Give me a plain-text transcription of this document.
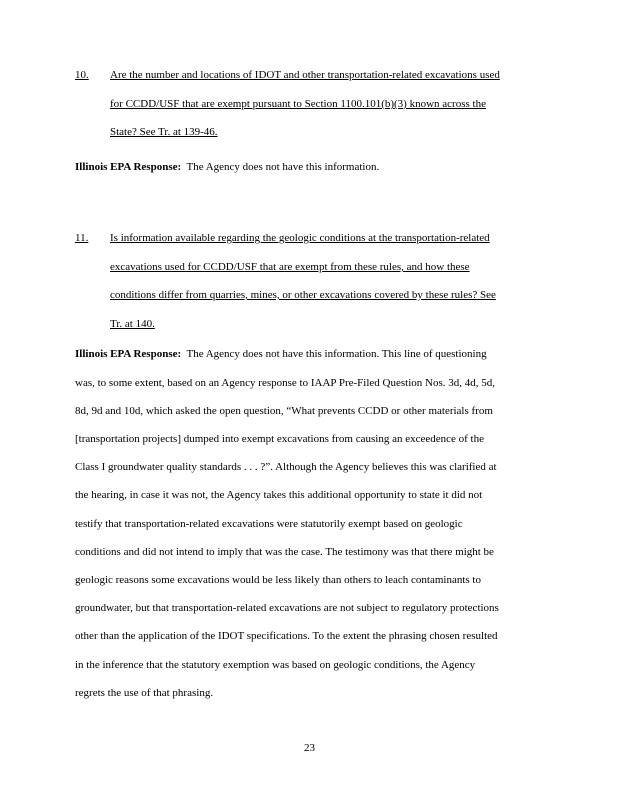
10. Are the number and locations of IDOT and other transportation-related excavations used
for CCDD/USF that are exempt pursuant to Section 1100.101(b)(3) known across the
State? See Tr. at 139-46.
Illinois EPA Response: The Agency does not have this information.
11. Is information available regarding the geologic conditions at the transportation-related
excavations used for CCDD/USF that are exempt from these rules, and how these
conditions differ from quarries, mines, or other excavations covered by these rules? See
Tr. at 140.
Illinois EPA Response: The Agency does not have this information. This line of questioning
was, to some extent, based on an Agency response to IAAP Pre-Filed Question Nos. 3d, 4d, 5d,
8d, 9d and 10d, which asked the open question, “What prevents CCDD or other materials from
[transportation projects] dumped into exempt excavations from causing an exceedence of the
Class I groundwater quality standards . . . ?”. Although the Agency believes this was clarified at
the hearing, in case it was not, the Agency takes this additional opportunity to state it did not
testify that transportation-related excavations were statutorily exempt based on geologic
conditions and did not intend to imply that was the case. The testimony was that there might be
geologic reasons some excavations would be less likely than others to leach contaminants to
groundwater, but that transportation-related excavations are not subject to regulatory protections
other than the application of the IDOT specifications. To the extent the phrasing chosen resulted
in the inference that the statutory exemption was based on geologic conditions, the Agency
regrets the use of that phrasing.
23
